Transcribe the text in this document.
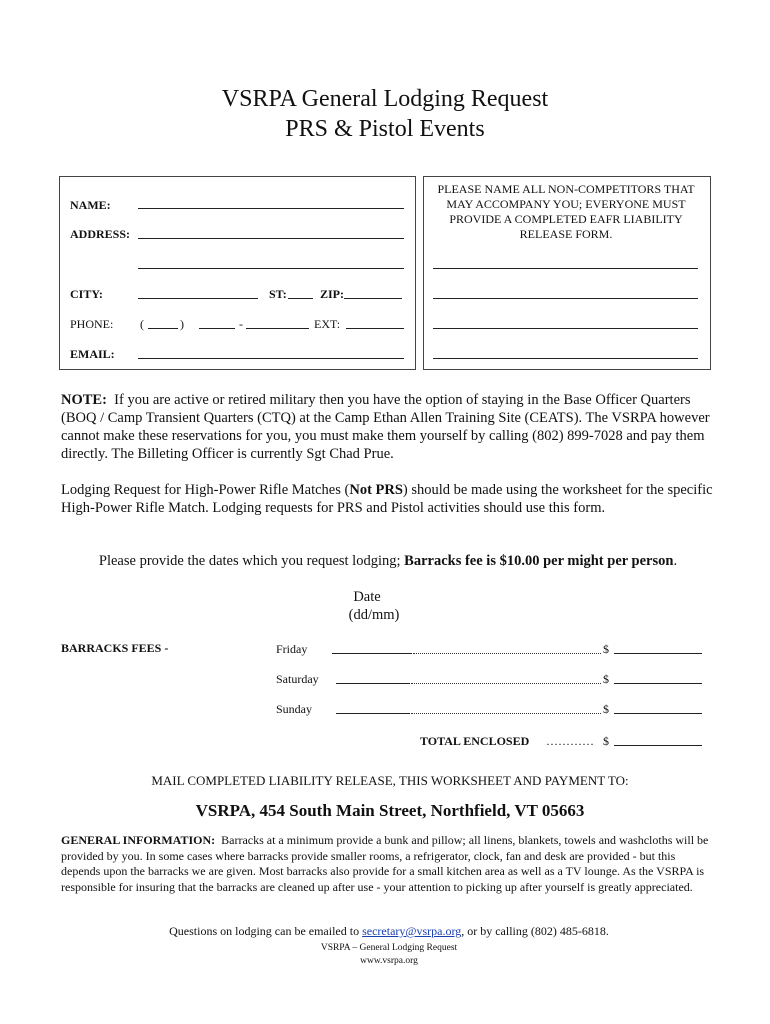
VSRPA General Lodging Request
PRS & Pistol Events
NAME:
ADDRESS:
CITY:	ST:	ZIP:
PHONE: (	)	-	EXT:
EMAIL:
PLEASE NAME ALL NON-COMPETITORS THAT MAY ACCOMPANY YOU; EVERYONE MUST PROVIDE A COMPLETED EAFR LIABILITY RELEASE FORM.
NOTE: If you are active or retired military then you have the option of staying in the Base Officer Quarters (BOQ / Camp Transient Quarters (CTQ) at the Camp Ethan Allen Training Site (CEATS). The VSRPA however cannot make these reservations for you, you must make them yourself by calling (802) 899-7028 and pay them directly. The Billeting Officer is currently Sgt Chad Prue.
Lodging Request for High-Power Rifle Matches (Not PRS) should be made using the worksheet for the specific High-Power Rifle Match. Lodging requests for PRS and Pistol activities should use this form.
Please provide the dates which you request lodging; Barracks fee is $10.00 per might per person.
Date
(dd/mm)
BARRACKS FEES -	Friday	$
Saturday	$
Sunday	$
TOTAL ENCLOSED ………… $
MAIL COMPLETED LIABILITY RELEASE, THIS WORKSHEET AND PAYMENT TO:
VSRPA, 454 South Main Street, Northfield, VT 05663
GENERAL INFORMATION: Barracks at a minimum provide a bunk and pillow; all linens, blankets, towels and washcloths will be provided by you. In some cases where barracks provide smaller rooms, a refrigerator, clock, fan and desk are provided - but this depends upon the barracks we are given. Most barracks also provide for a small kitchen area as well as a TV lounge. As the VSRPA is responsible for insuring that the barracks are cleaned up after use - your attention to picking up after yourself is greatly appreciated.
Questions on lodging can be emailed to secretary@vsrpa.org, or by calling (802) 485-6818.
VSRPA – General Lodging Request
www.vsrpa.org
